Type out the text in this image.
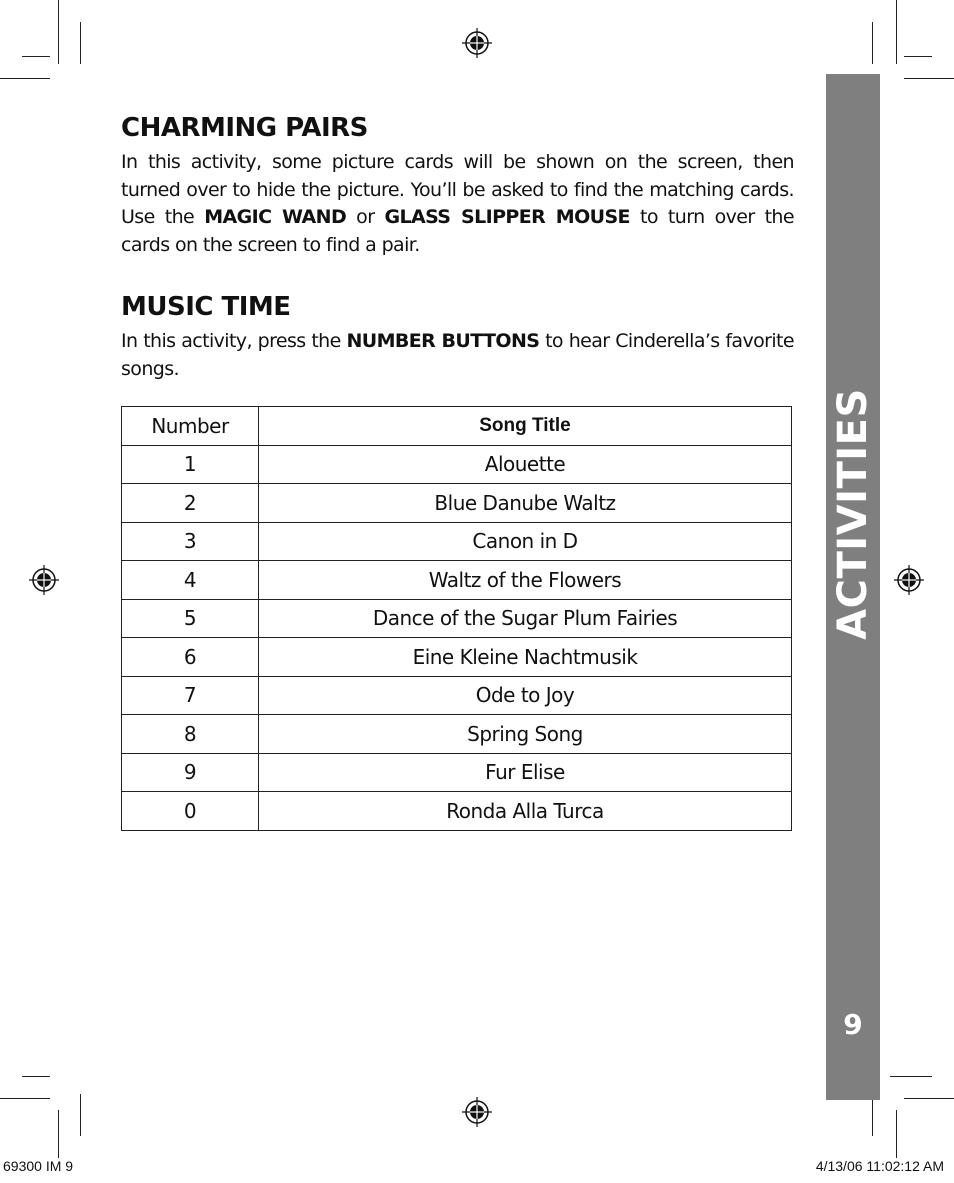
ACTIVITIES
9
CHARMING PAIRS

In this activity, some picture cards will be shown on the screen, then turned over to hide the picture. You’ll be asked to find the matching cards. Use the MAGIC WAND or GLASS SLIPPER MOUSE to turn over the cards on the screen to find a pair.

MUSIC TIME

In this activity, press the NUMBER BUTTONS to hear Cinderella’s favorite songs.

Number	Song Title
1	Alouette
2	Blue Danube Waltz
3	Canon in D
4	Waltz of the Flowers
5	Dance of the Sugar Plum Fairies
6	Eine Kleine Nachtmusik
7	Ode to Joy
8	Spring Song
9	Fur Elise
0	Ronda Alla Turca
69300 IM 9	4/13/06 11:02:12 AM
